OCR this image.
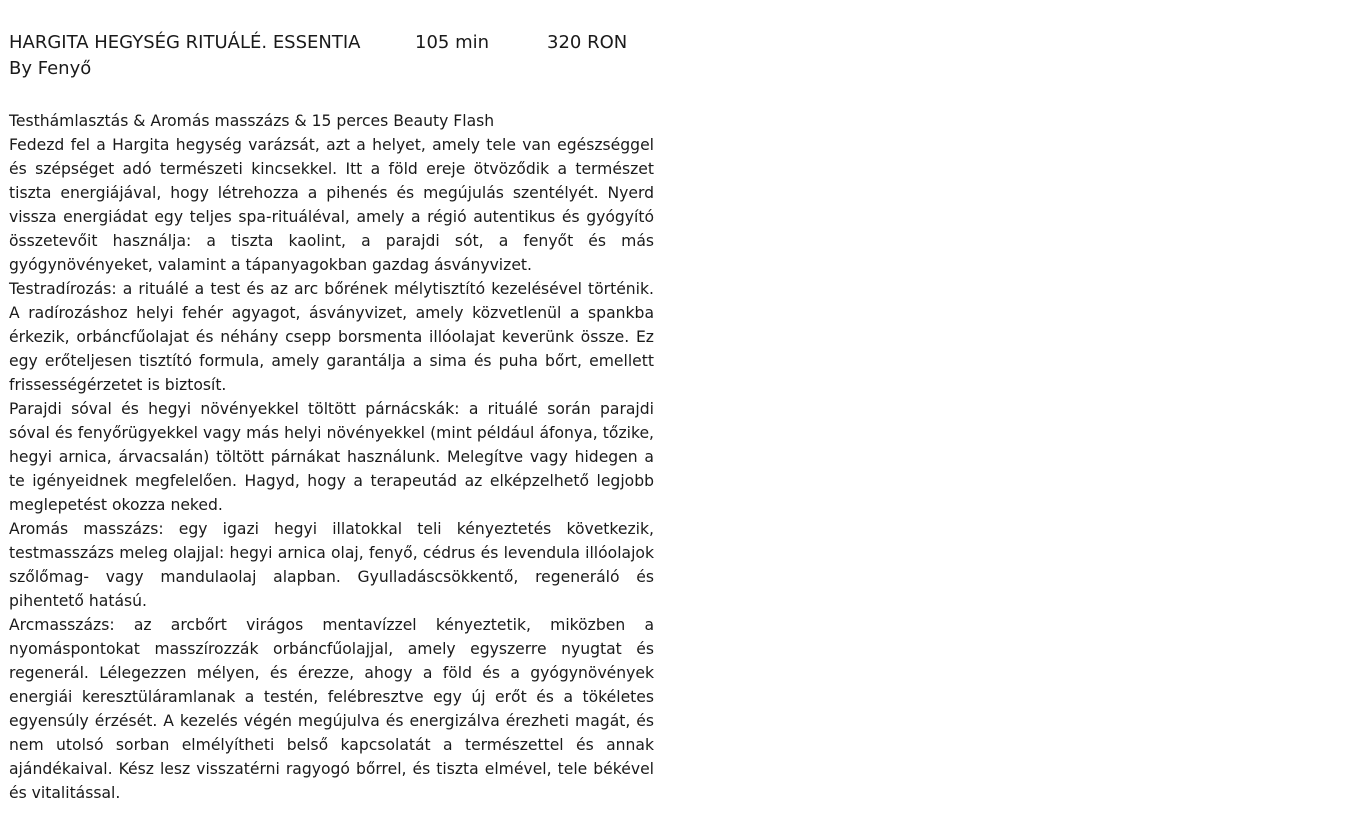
HARGITA HEGYSÉG RITUÁLÉ. ESSENTIA	105 min	320 RON
By Fenyő

Testhámlasztás & Aromás masszázs & 15 perces Beauty Flash

Fedezd fel a Hargita hegység varázsát, azt a helyet, amely tele van egészséggel és szépséget adó természeti kincsekkel. Itt a föld ereje ötvöződik a természet tiszta energiájával, hogy létrehozza a pihenés és megújulás szentélyét. Nyerd vissza energiádat egy teljes spa-rituáléval, amely a régió autentikus és gyógyító összetevőit használja: a tiszta kaolint, a parajdi sót, a fenyőt és más gyógynövényeket, valamint a tápanyagokban gazdag ásványvizet.

Testradírozás: a rituálé a test és az arc bőrének mélytisztító kezelésével történik. A radírozáshoz helyi fehér agyagot, ásványvizet, amely közvetlenül a spankba érkezik, orbáncfűolajat és néhány csepp borsmenta illóolajat keverünk össze. Ez egy erőteljesen tisztító formula, amely garantálja a sima és puha bőrt, emellett frissességérzetet is biztosít.

Parajdi sóval és hegyi növényekkel töltött párnácskák: a rituálé során parajdi sóval és fenyőrügyekkel vagy más helyi növényekkel (mint például áfonya, tőzike, hegyi arnica, árvacsalán) töltött párnákat használunk. Melegítve vagy hidegen a te igényeidnek megfelelően. Hagyd, hogy a terapeutád az elképzelhető legjobb meglepetést okozza neked.

Aromás masszázs: egy igazi hegyi illatokkal teli kényeztetés következik, testmasszázs meleg olajjal: hegyi arnica olaj, fenyő, cédrus és levendula illóolajok szőlőmag- vagy mandulaolaj alapban. Gyulladáscsökkentő, regeneráló és pihentető hatású.

Arcmasszázs: az arcbőrt virágos mentavízzel kényeztetik, miközben a nyomáspontokat masszírozzák orbáncfűolajjal, amely egyszerre nyugtat és regenerál. Lélegezzen mélyen, és érezze, ahogy a föld és a gyógynövények energiái keresztüláramlanak a testén, felébresztve egy új erőt és a tökéletes egyensúly érzését. A kezelés végén megújulva és energizálva érezheti magát, és nem utolsó sorban elmélyítheti belső kapcsolatát a természettel és annak ajándékaival. Kész lesz visszatérni ragyogó bőrrel, és tiszta elmével, tele békével és vitalitással.
